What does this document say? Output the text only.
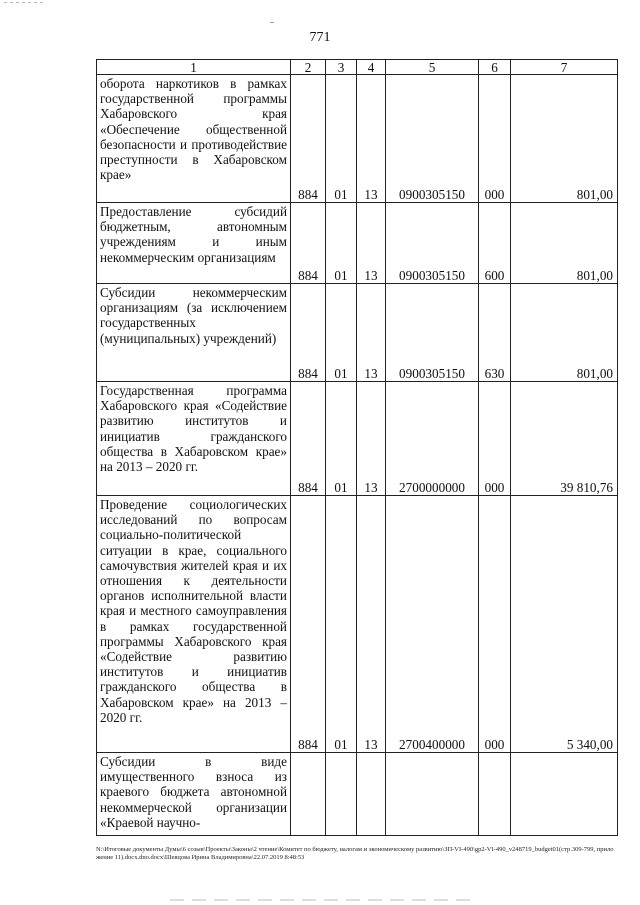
771
1	2	3	4	5	6	7
оборота наркотиков в рамках государственной программы Хабаровского края «Обеспечение общественной безопасности и противодействие преступности в Хабаровском крае»	884	01	13	0900305150	000	801,00
Предоставление субсидий бюджетным, автономным учреждениям и иным некоммерческим организациям	884	01	13	0900305150	600	801,00
Субсидии некоммерческим организациям (за исключением государственных (муниципальных) учреждений)	884	01	13	0900305150	630	801,00
Государственная программа Хабаровского края «Содействие развитию институтов и инициатив гражданского общества в Хабаровском крае» на 2013 – 2020 гг.	884	01	13	2700000000	000	39 810,76
Проведение социологических исследований по вопросам социально-политической ситуации в крае, социального самочувствия жителей края и их отношения к деятельности органов исполнительной власти края и местного самоуправления в рамках государственной программы Хабаровского края «Содействие развитию институтов и инициатив гражданского общества в Хабаровском крае» на 2013 – 2020 гг.	884	01	13	2700400000	000	5 340,00
Субсидии в виде имущественного взноса из краевого бюджета автономной некоммерческой организации «Краевой научно-						
N:\Итоговые документы Думы\6 созыв\Проекты\Законы\2 чтение\Комитет по бюджету, налогам и экономическому развитию\ЗП-VI-490\gp2-VI-490_v248719_budget01(стр.309-799, приложение 11).docx.dno.docx\Шевцова Ирина Владимировна\22.07.2019 8:48:53
